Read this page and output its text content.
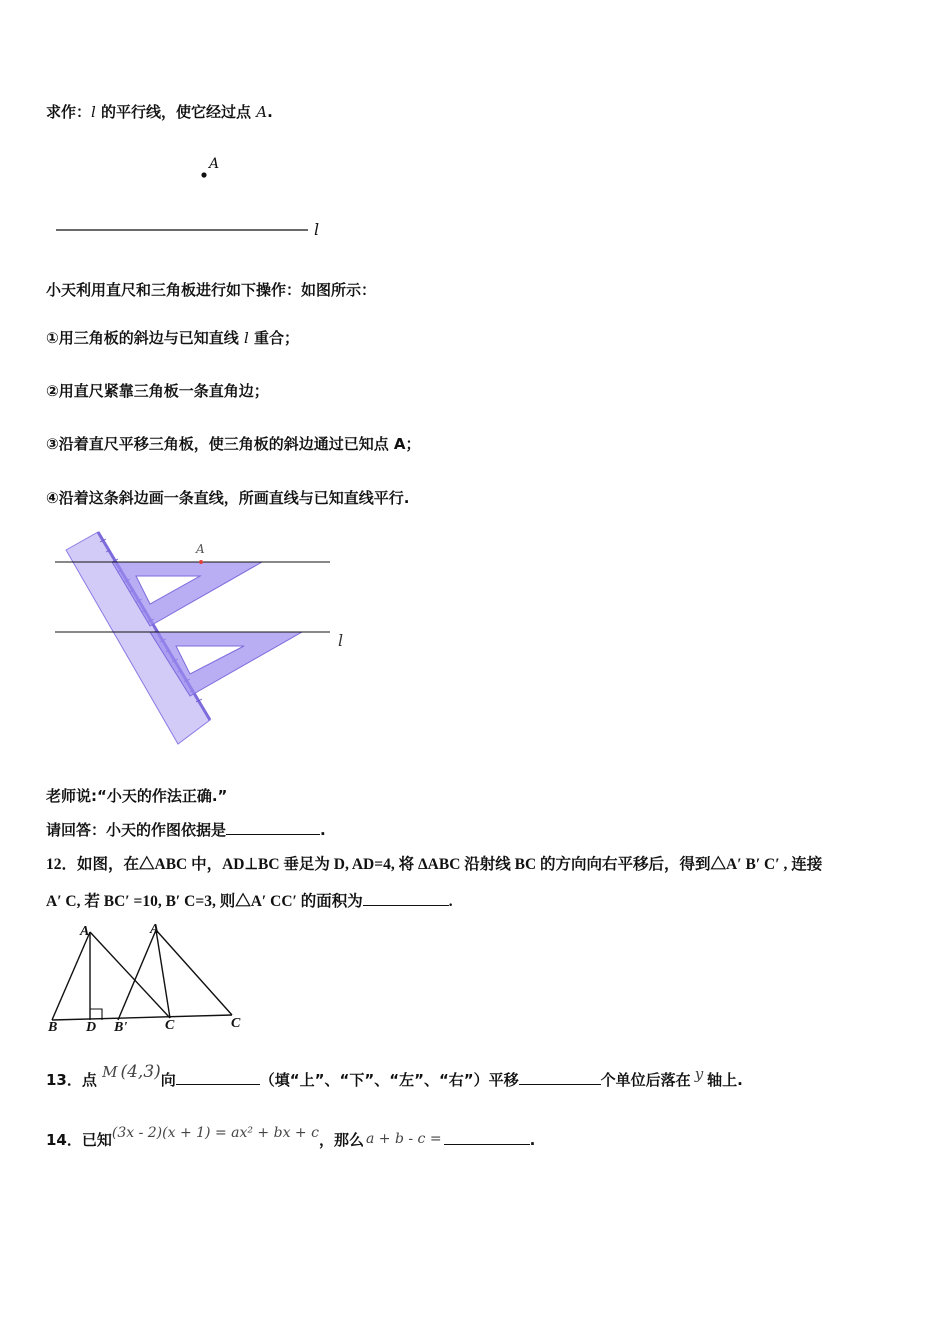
求作：l 的平行线，使它经过点 A.
A
l
小天利用直尺和三角板进行如下操作：如图所示：
①用三角板的斜边与已知直线 l 重合；
②用直尺紧靠三角板一条直角边；
③沿着直尺平移三角板，使三角板的斜边通过已知点 A；
④沿着这条斜边画一条直线，所画直线与已知直线平行.
A
l
老师说:“小天的作法正确.”
请回答：小天的作图依据是	.
12．如图，在△ABC 中，AD⊥BC 垂足为 D, AD=4, 将 ΔABC 沿射线 BC 的方向向右平移后，得到△A′ B′ C′ , 连接
A′ C, 若 BC′ =10, B′ C=3, 则△A′ CC′ 的面积为	.
A	A
B D B'	C	C
13．点 M (4,3)向	（填“上”、“下”、“左”、“右”）平移	个单位后落在 y 轴上.
14．已知(3x - 2)(x + 1) = ax² + bx + c，那么 a + b - c =	.
